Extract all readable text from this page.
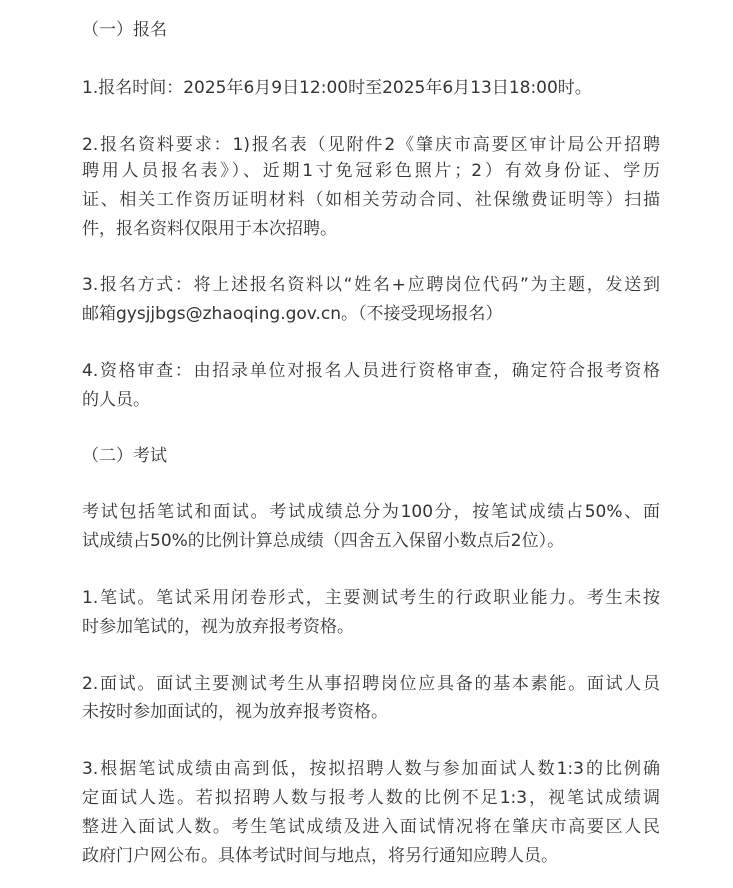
（一）报名
1.报名时间：2025年6月9日12:00时至2025年6月13日18:00时。
2.报名资料要求：1)报名表（见附件2《肇庆市高要区审计局公开招聘
聘用人员报名表》）、近期1寸免冠彩色照片；2）有效身份证、学历
证、相关工作资历证明材料（如相关劳动合同、社保缴费证明等）扫描
件，报名资料仅限用于本次招聘。
3.报名方式：将上述报名资料以“姓名+应聘岗位代码”为主题，发送到
邮箱gysjjbgs@zhaoqing.gov.cn。（不接受现场报名）
4.资格审查：由招录单位对报名人员进行资格审查，确定符合报考资格
的人员。
（二）考试
考试包括笔试和面试。考试成绩总分为100分，按笔试成绩占50%、面
试成绩占50%的比例计算总成绩（四舍五入保留小数点后2位）。
1.笔试。笔试采用闭卷形式，主要测试考生的行政职业能力。考生未按
时参加笔试的，视为放弃报考资格。
2.面试。面试主要测试考生从事招聘岗位应具备的基本素能。面试人员
未按时参加面试的，视为放弃报考资格。
3.根据笔试成绩由高到低，按拟招聘人数与参加面试人数1:3的比例确
定面试人选。若拟招聘人数与报考人数的比例不足1:3，视笔试成绩调
整进入面试人数。考生笔试成绩及进入面试情况将在肇庆市高要区人民
政府门户网公布。具体考试时间与地点，将另行通知应聘人员。
